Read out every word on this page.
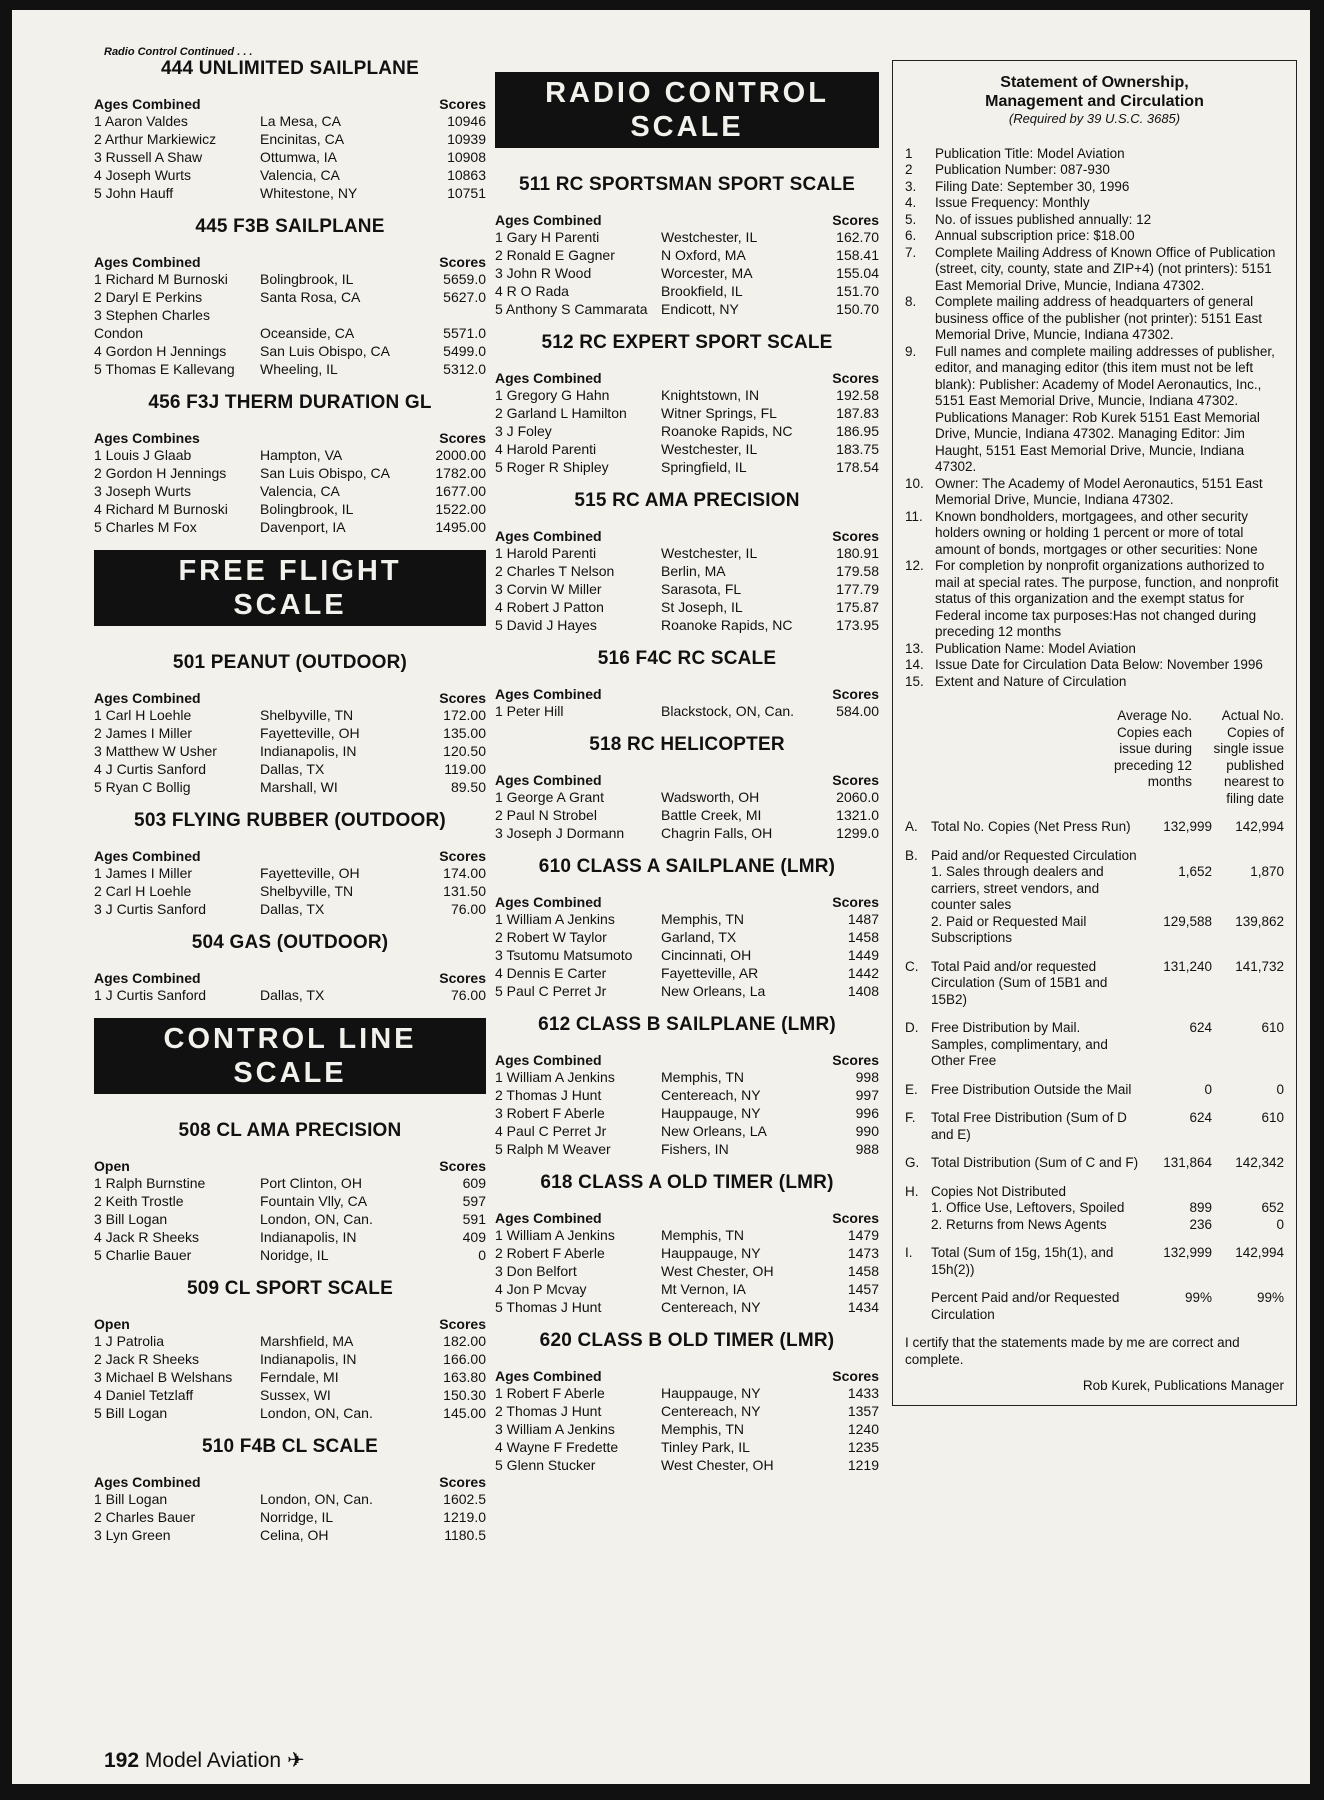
Radio Control Continued . . .
444 UNLIMITED SAILPLANE
Ages Combined	Scores
1 Aaron Valdes	La Mesa, CA	10946
2 Arthur Markiewicz	Encinitas, CA	10939
3 Russell A Shaw	Ottumwa, IA	10908
4 Joseph Wurts	Valencia, CA	10863
5 John Hauff	Whitestone, NY	10751
445 F3B SAILPLANE
Ages Combined	Scores
1 Richard M Burnoski	Bolingbrook, IL	5659.0
2 Daryl E Perkins	Santa Rosa, CA	5627.0
3 Stephen Charles
Condon	Oceanside, CA	5571.0
4 Gordon H Jennings	San Luis Obispo, CA	5499.0
5 Thomas E Kallevang	Wheeling, IL	5312.0
456 F3J THERM DURATION GL
Ages Combines	Scores
1 Louis J Glaab	Hampton, VA	2000.00
2 Gordon H Jennings	San Luis Obispo, CA	1782.00
3 Joseph Wurts	Valencia, CA	1677.00
4 Richard M Burnoski	Bolingbrook, IL	1522.00
5 Charles M Fox	Davenport, IA	1495.00
FREE FLIGHT
SCALE
501 PEANUT (OUTDOOR)
Ages Combined	Scores
1 Carl H Loehle	Shelbyville, TN	172.00
2 James I Miller	Fayetteville, OH	135.00
3 Matthew W Usher	Indianapolis, IN	120.50
4 J Curtis Sanford	Dallas, TX	119.00
5 Ryan C Bollig	Marshall, WI	89.50
503 FLYING RUBBER (OUTDOOR)
Ages Combined	Scores
1 James I Miller	Fayetteville, OH	174.00
2 Carl H Loehle	Shelbyville, TN	131.50
3 J Curtis Sanford	Dallas, TX	76.00
504 GAS (OUTDOOR)
Ages Combined	Scores
1 J Curtis Sanford	Dallas, TX	76.00
CONTROL LINE
SCALE
508 CL AMA PRECISION
Open	Scores
1 Ralph Burnstine	Port Clinton, OH	609
2 Keith Trostle	Fountain Vlly, CA	597
3 Bill Logan	London, ON, Can.	591
4 Jack R Sheeks	Indianapolis, IN	409
5 Charlie Bauer	Noridge, IL	0
509 CL SPORT SCALE
Open	Scores
1 J Patrolia	Marshfield, MA	182.00
2 Jack R Sheeks	Indianapolis, IN	166.00
3 Michael B Welshans	Ferndale, MI	163.80
4 Daniel Tetzlaff	Sussex, WI	150.30
5 Bill Logan	London, ON, Can.	145.00
510 F4B CL SCALE
Ages Combined	Scores
1 Bill Logan	London, ON, Can.	1602.5
2 Charles Bauer	Norridge, IL	1219.0
3 Lyn Green	Celina, OH	1180.5
RADIO CONTROL
SCALE
511 RC SPORTSMAN SPORT SCALE
Ages Combined	Scores
1 Gary H Parenti	Westchester, IL	162.70
2 Ronald E Gagner	N Oxford, MA	158.41
3 John R Wood	Worcester, MA	155.04
4 R O Rada	Brookfield, IL	151.70
5 Anthony S Cammarata Endicott, NY	150.70
512 RC EXPERT SPORT SCALE
Ages Combined	Scores
1 Gregory G Hahn	Knightstown, IN	192.58
2 Garland L Hamilton	Witner Springs, FL	187.83
3 J Foley	Roanoke Rapids, NC	186.95
4 Harold Parenti	Westchester, IL	183.75
5 Roger R Shipley	Springfield, IL	178.54
515 RC AMA PRECISION
Ages Combined	Scores
1 Harold Parenti	Westchester, IL	180.91
2 Charles T Nelson	Berlin, MA	179.58
3 Corvin W Miller	Sarasota, FL	177.79
4 Robert J Patton	St Joseph, IL	175.87
5 David J Hayes	Roanoke Rapids, NC	173.95
516 F4C RC SCALE
Ages Combined	Scores
1 Peter Hill	Blackstock, ON, Can.	584.00
518 RC HELICOPTER
Ages Combined	Scores
1 George A Grant	Wadsworth, OH	2060.0
2 Paul N Strobel	Battle Creek, MI	1321.0
3 Joseph J Dormann	Chagrin Falls, OH	1299.0
610 CLASS A SAILPLANE (LMR)
Ages Combined	Scores
1 William A Jenkins	Memphis, TN	1487
2 Robert W Taylor	Garland, TX	1458
3 Tsutomu Matsumoto	Cincinnati, OH	1449
4 Dennis E Carter	Fayetteville, AR	1442
5 Paul C Perret Jr	New Orleans, La	1408
612 CLASS B SAILPLANE (LMR)
Ages Combined	Scores
1 William A Jenkins	Memphis, TN	998
2 Thomas J Hunt	Centereach, NY	997
3 Robert F Aberle	Hauppauge, NY	996
4 Paul C Perret Jr	New Orleans, LA	990
5 Ralph M Weaver	Fishers, IN	988
618 CLASS A OLD TIMER (LMR)
Ages Combined	Scores
1 William A Jenkins	Memphis, TN	1479
2 Robert F Aberle	Hauppauge, NY	1473
3 Don Belfort	West Chester, OH	1458
4 Jon P Mcvay	Mt Vernon, IA	1457
5 Thomas J Hunt	Centereach, NY	1434
620 CLASS B OLD TIMER (LMR)
Ages Combined	Scores
1 Robert F Aberle	Hauppauge, NY	1433
2 Thomas J Hunt	Centereach, NY	1357
3 William A Jenkins	Memphis, TN	1240
4 Wayne F Fredette	Tinley Park, IL	1235
5 Glenn Stucker	West Chester, OH	1219
Statement of Ownership,
Management and Circulation
(Required by 39 U.S.C. 3685)
1	Publication Title: Model Aviation
2	Publication Number: 087-930
3.	Filing Date: September 30, 1996
4.	Issue Frequency: Monthly
5.	No. of issues published annually: 12
6.	Annual subscription price: $18.00
7.	Complete Mailing Address of Known Office of Publication (street, city, county, state and ZIP+4) (not printers): 5151 East Memorial Drive, Muncie, Indiana 47302.
8.	Complete mailing address of headquarters of general business office of the publisher (not printer): 5151 East Memorial Drive, Muncie, Indiana 47302.
9.	Full names and complete mailing addresses of publisher, editor, and managing editor (this item must not be left blank): Publisher: Academy of Model Aeronautics, Inc., 5151 East Memorial Drive, Muncie, Indiana 47302. Publications Manager: Rob Kurek 5151 East Memorial Drive, Muncie, Indiana 47302. Managing Editor: Jim Haught, 5151 East Memorial Drive, Muncie, Indiana 47302.
10. Owner: The Academy of Model Aeronautics, 5151 East Memorial Drive, Muncie, Indiana 47302.
11. Known bondholders, mortgagees, and other security holders owning or holding 1 percent or more of total amount of bonds, mortgages or other securities: None
12. For completion by nonprofit organizations authorized to mail at special rates. The purpose, function, and nonprofit status of this organization and the exempt status for Federal income tax purposes:Has not changed during preceding 12 months
13. Publication Name: Model Aviation
14. Issue Date for Circulation Data Below: November 1996
15. Extent and Nature of Circulation
Average No. Copies each issue during preceding 12 months
Actual No. Copies of single issue published nearest to filing date
A. Total No. Copies (Net Press Run)	132,999	142,994
B. Paid and/or Requested Circulation
1. Sales through dealers and carriers, street vendors, and counter sales
1,652	1,870
2. Paid or Requested Mail Subscriptions
129,588	139,862
C. Total Paid and/or requested Circulation (Sum of 15B1 and 15B2)
131,240	141,732
D. Free Distribution by Mail. Samples, complimentary, and Other Free
624	610
E. Free Distribution Outside the Mail	0	0
F.	Total Free Distribution (Sum of D and E)
624	610
G. Total Distribution (Sum of C and F)	131,864	142,342
H. Copies Not Distributed
1. Office Use, Leftovers, Spoiled	899	652
2. Returns from News Agents	236	0
I.	Total (Sum of 15g, 15h(1), and 15h(2))
132,999	142,994
Percent Paid and/or Requested Circulation
99%	99%
I certify that the statements made by me are correct and complete.
Rob Kurek, Publications Manager
192 Model Aviation ✈
